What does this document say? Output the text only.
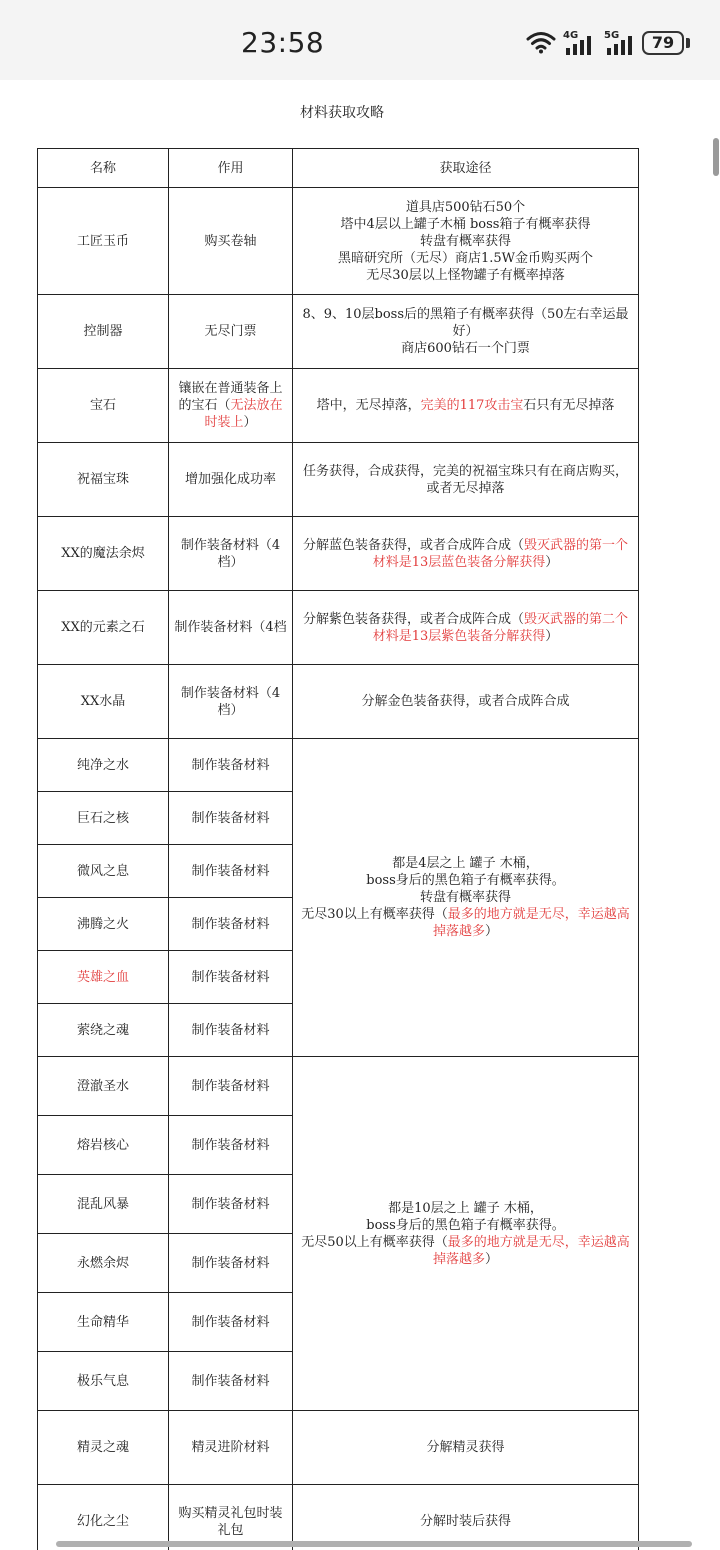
23:58	4G	5G	79
材料获取攻略
名称	作用	获取途径
工匠玉币	购买卷轴	道具店500钻石50个
塔中4层以上罐子木桶 boss箱子有概率获得
转盘有概率获得
黑暗研究所（无尽）商店1.5W金币购买两个
无尽30层以上怪物罐子有概率掉落

控制器	无尽门票	8、9、10层boss后的黑箱子有概率获得（50左右幸运最好）
商店600钻石一个门票

宝石	镶嵌在普通装备上的宝石（无法放在时装上）	塔中，无尽掉落，完美的117攻击宝石只有无尽掉落
祝福宝珠	增加强化成功率	任务获得，合成获得，完美的祝福宝珠只有在商店购买，或者无尽掉落
XX的魔法余烬	制作装备材料（4档）	分解蓝色装备获得，或者合成阵合成（毁灭武器的第一个材料是13层蓝色装备分解获得）
XX的元素之石	制作装备材料（4档	分解紫色装备获得，或者合成阵合成（毁灭武器的第二个材料是13层紫色装备分解获得）
XX水晶	制作装备材料（4档）	分解金色装备获得，或者合成阵合成
纯净之水	制作装备材料	都是4层之上 罐子 木桶，
boss身后的黑色箱子有概率获得。
转盘有概率获得
无尽30以上有概率获得（最多的地方就是无尽，幸运越高掉落越多）

巨石之核	制作装备材料	
微风之息	制作装备材料	
沸腾之火	制作装备材料	
英雄之血	制作装备材料	
萦绕之魂	制作装备材料	
澄澈圣水	制作装备材料	都是10层之上 罐子 木桶，
boss身后的黑色箱子有概率获得。
无尽50以上有概率获得（最多的地方就是无尽，幸运越高掉落越多）

熔岩核心	制作装备材料	
混乱风暴	制作装备材料	
永燃余烬	制作装备材料	
生命精华	制作装备材料	
极乐气息	制作装备材料	
精灵之魂	精灵进阶材料	分解精灵获得
幻化之尘	购买精灵礼包时装礼包	分解时装后获得
